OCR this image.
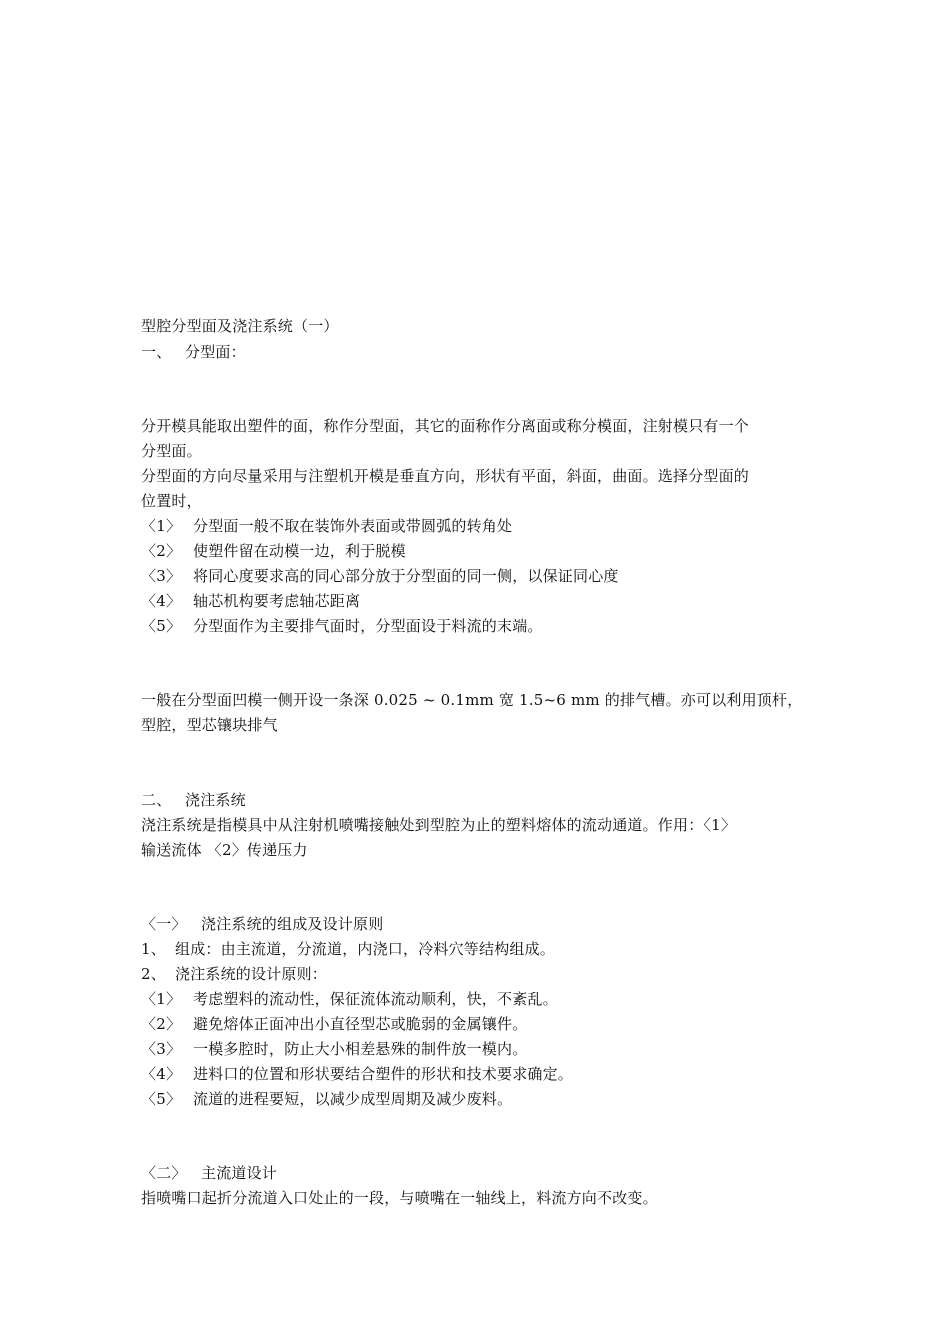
型腔分型面及浇注系统（一）
一、 分型面：
分开模具能取出塑件的面，称作分型面，其它的面称作分离面或称分模面，注射模只有一个
分型面。
分型面的方向尽量采用与注塑机开模是垂直方向，形状有平面，斜面，曲面。选择分型面的
位置时，
〈1〉 分型面一般不取在装饰外表面或带圆弧的转角处
〈2〉 使塑件留在动模一边，利于脱模
〈3〉 将同心度要求高的同心部分放于分型面的同一侧，以保证同心度
〈4〉 轴芯机构要考虑轴芯距离
〈5〉 分型面作为主要排气面时，分型面设于料流的末端。
一般在分型面凹模一侧开设一条深 0.025 ~ 0.1mm 宽 1.5~6 mm 的排气槽。亦可以利用顶杆，
型腔，型芯镶块排气
二、 浇注系统
浇注系统是指模具中从注射机喷嘴接触处到型腔为止的塑料熔体的流动通道。作用：〈1〉
输送流体 〈2〉传递压力
〈一〉 浇注系统的组成及设计原则
1、 组成：由主流道，分流道，内浇口，冷料穴等结构组成。
2、 浇注系统的设计原则：
〈1〉 考虑塑料的流动性，保征流体流动顺利，快，不紊乱。
〈2〉 避免熔体正面冲出小直径型芯或脆弱的金属镶件。
〈3〉 一模多腔时，防止大小相差悬殊的制件放一模内。
〈4〉 进料口的位置和形状要结合塑件的形状和技术要求确定。
〈5〉 流道的进程要短，以减少成型周期及减少废料。
〈二〉 主流道设计
指喷嘴口起折分流道入口处止的一段，与喷嘴在一轴线上，料流方向不改变。
